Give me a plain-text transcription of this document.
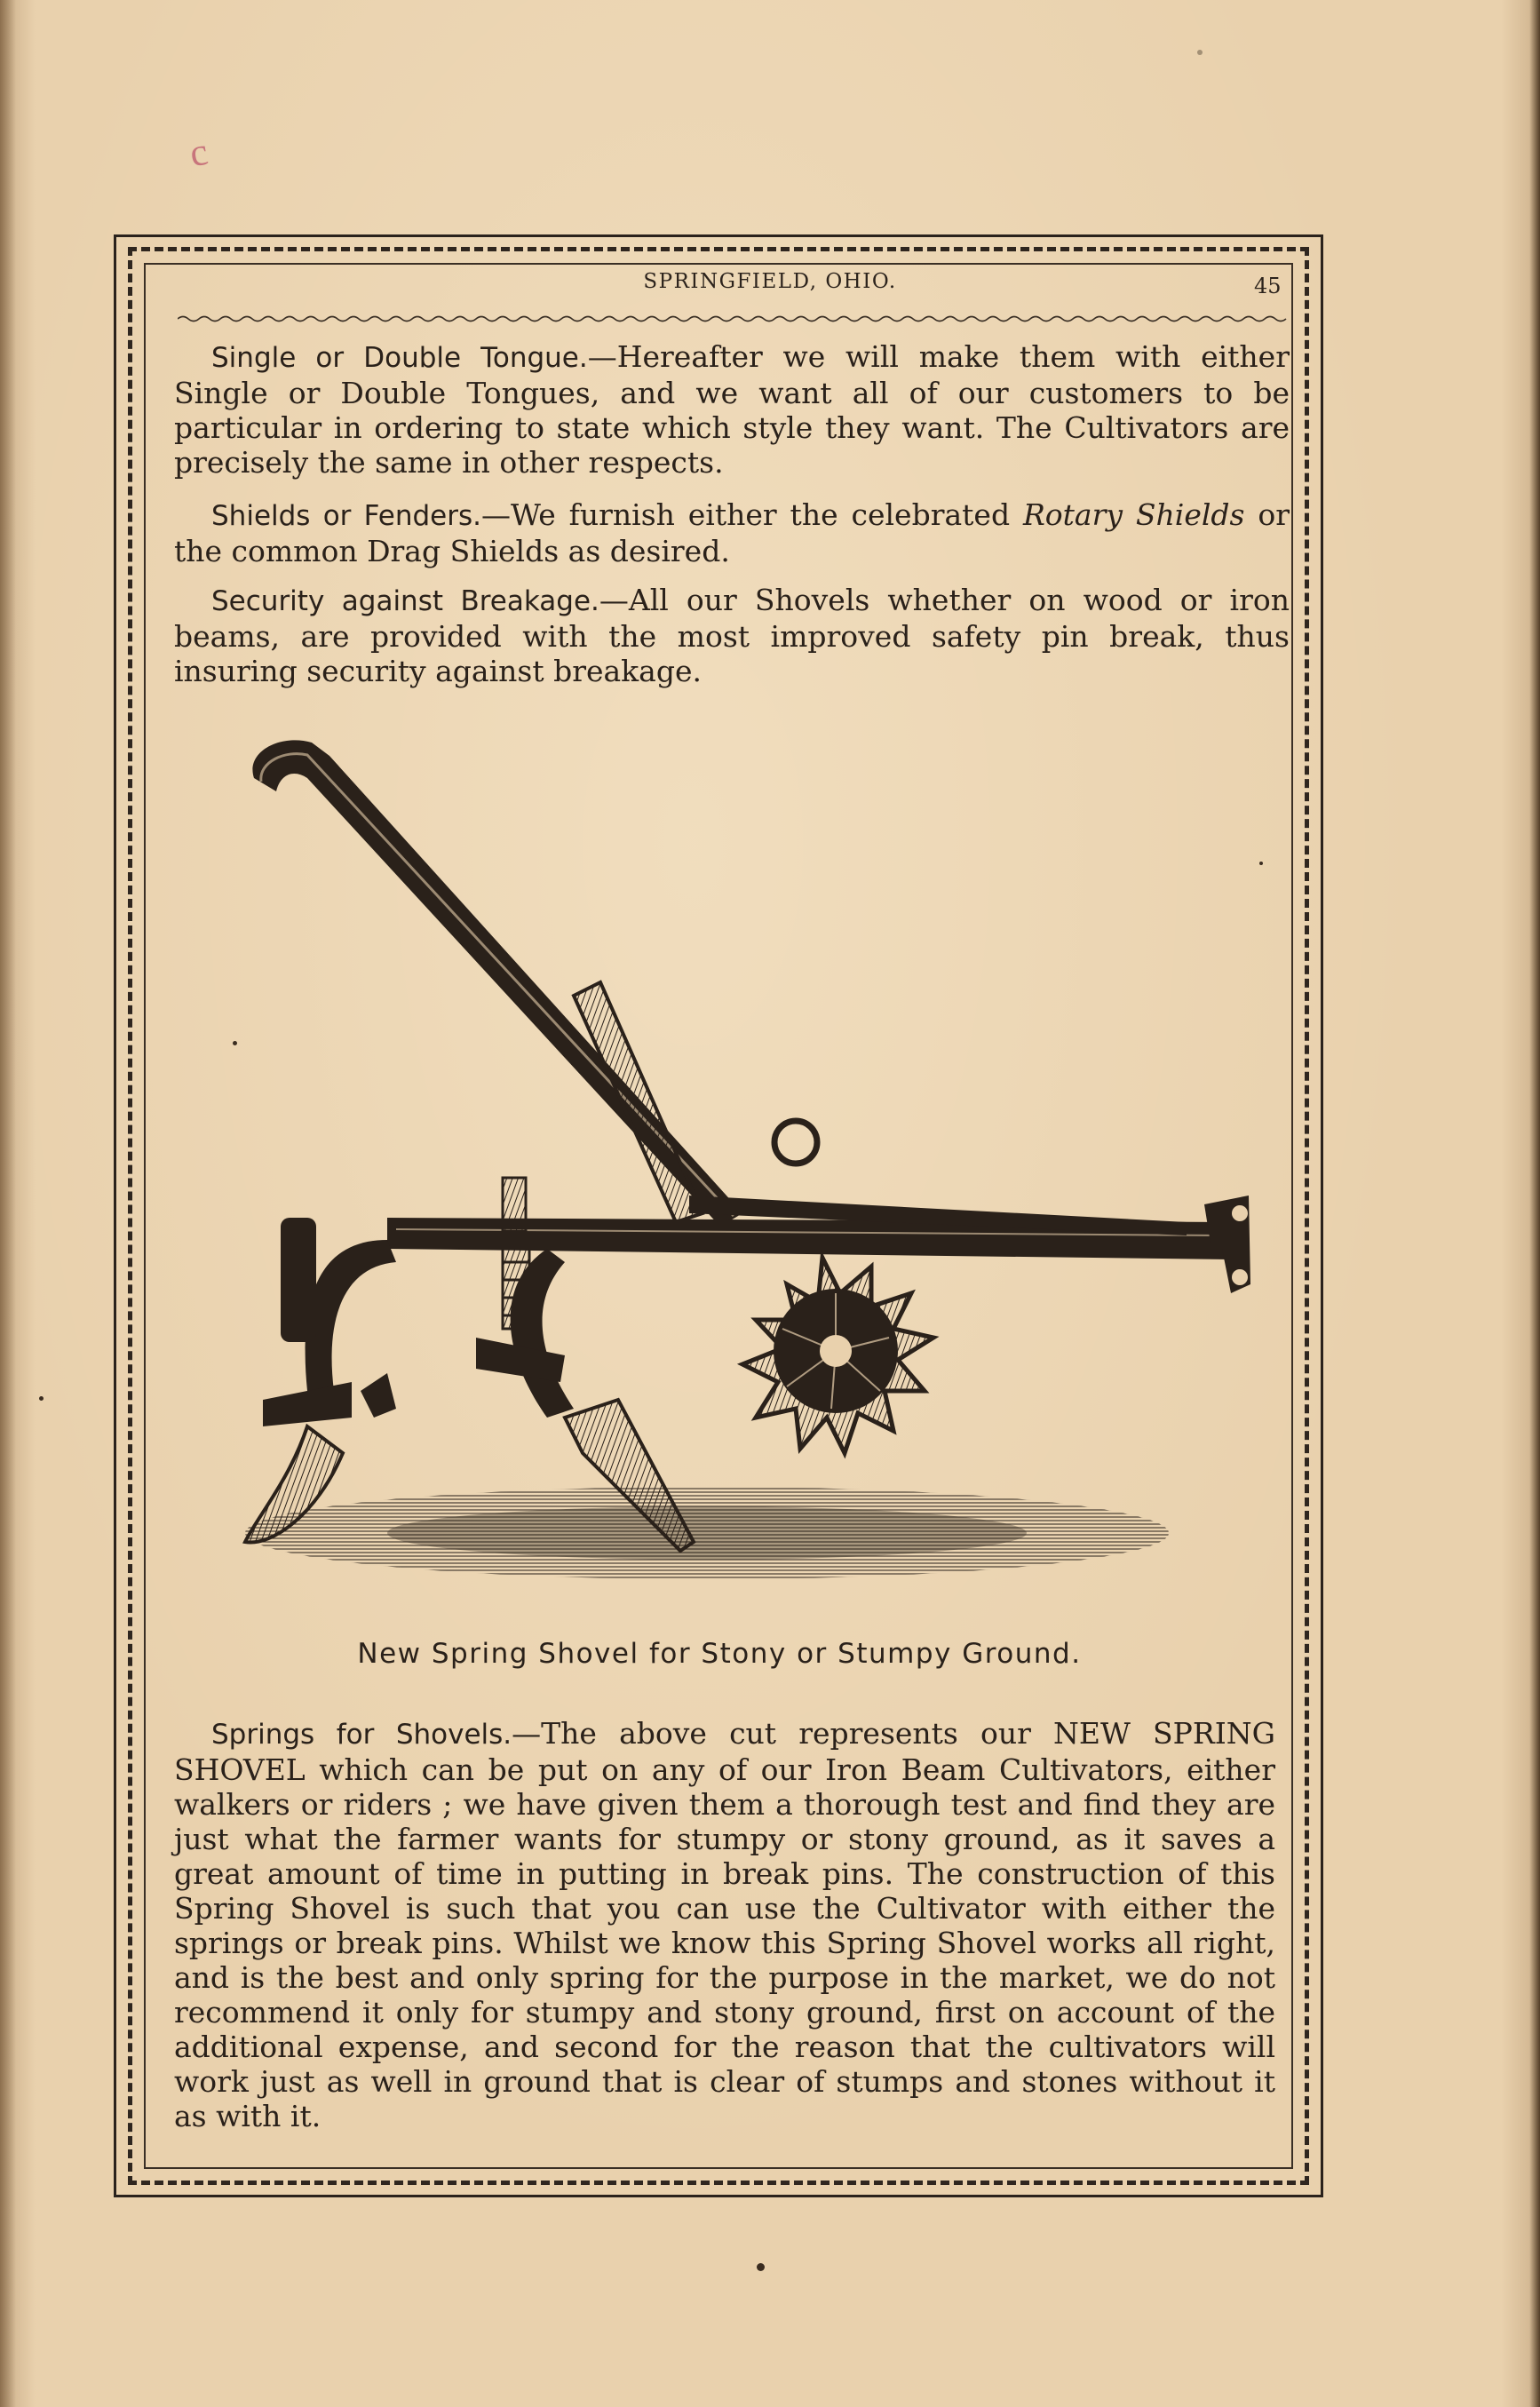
c
SPRINGFIELD, OHIO.	45

Single or Double Tongue.—Hereafter we will make them with either Single or Double Tongues, and we want all of our customers to be particular in ordering to state which style they want. The Cultivators are precisely the same in other respects.

Shields or Fenders.—We furnish either the celebrated Rotary Shields or the common Drag Shields as desired.

Security against Breakage.—All our Shovels whether on wood or iron beams, are provided with the most improved safety pin break, thus insuring security against breakage.

New Spring Shovel for Stony or Stumpy Ground.

Springs for Shovels.—The above cut represents our NEW SPRING SHOVEL which can be put on any of our Iron Beam Cultivators, either walkers or riders ; we have given them a thorough test and find they are just what the farmer wants for stumpy or stony ground, as it saves a great amount of time in putting in break pins. The construction of this Spring Shovel is such that you can use the Cultivator with either the springs or break pins. Whilst we know this Spring Shovel works all right, and is the best and only spring for the purpose in the market, we do not recommend it only for stumpy and stony ground, first on account of the additional expense, and second for the reason that the cultivators will work just as well in ground that is clear of stumps and stones without it as with it.
